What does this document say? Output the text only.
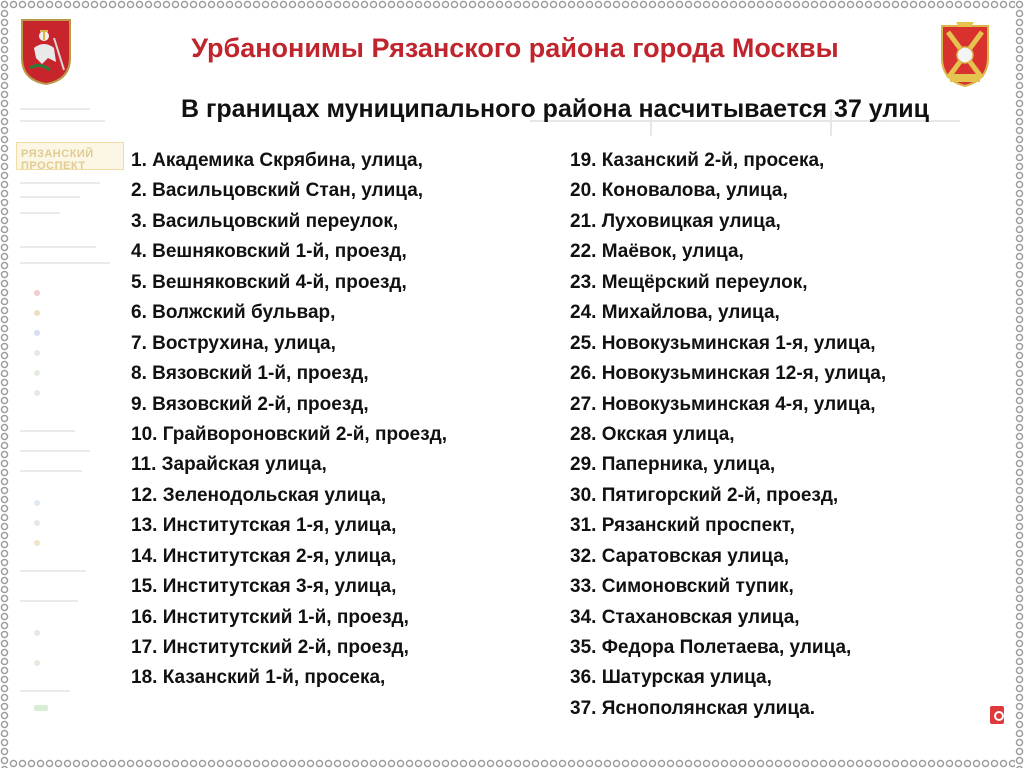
РЯЗАНСКИЙ ПРОСПЕКТ
Урбанонимы Рязанского района города Москвы
В границах муниципального района насчитывается 37 улиц
1. Академика Скрябина, улица,
2. Васильцовский Стан, улица,
3. Васильцовский переулок,
4. Вешняковский 1-й, проезд,
5. Вешняковский 4-й, проезд,
6. Волжский бульвар,
7. Вострухина, улица,
8. Вязовский 1-й, проезд,
9. Вязовский 2-й, проезд,
10. Грайвороновский 2-й, проезд,
11. Зарайская улица,
12. Зеленодольская улица,
13. Институтская 1-я, улица,
14. Институтская 2-я, улица,
15. Институтская 3-я, улица,
16. Институтский 1-й, проезд,
17. Институтский 2-й, проезд,
18. Казанский 1-й, просека,
19. Казанский 2-й, просека,
20. Коновалова, улица,
21. Луховицкая улица,
22. Маёвок, улица,
23. Мещёрский переулок,
24. Михайлова, улица,
25. Новокузьминская 1-я, улица,
26. Новокузьминская 12-я, улица,
27. Новокузьминская 4-я, улица,
28. Окская улица,
29. Паперника, улица,
30. Пятигорский 2-й, проезд,
31. Рязанский проспект,
32. Саратовская улица,
33. Симоновский тупик,
34. Стахановская улица,
35. Федора Полетаева, улица,
36. Шатурская улица,
37. Яснополянская улица.
